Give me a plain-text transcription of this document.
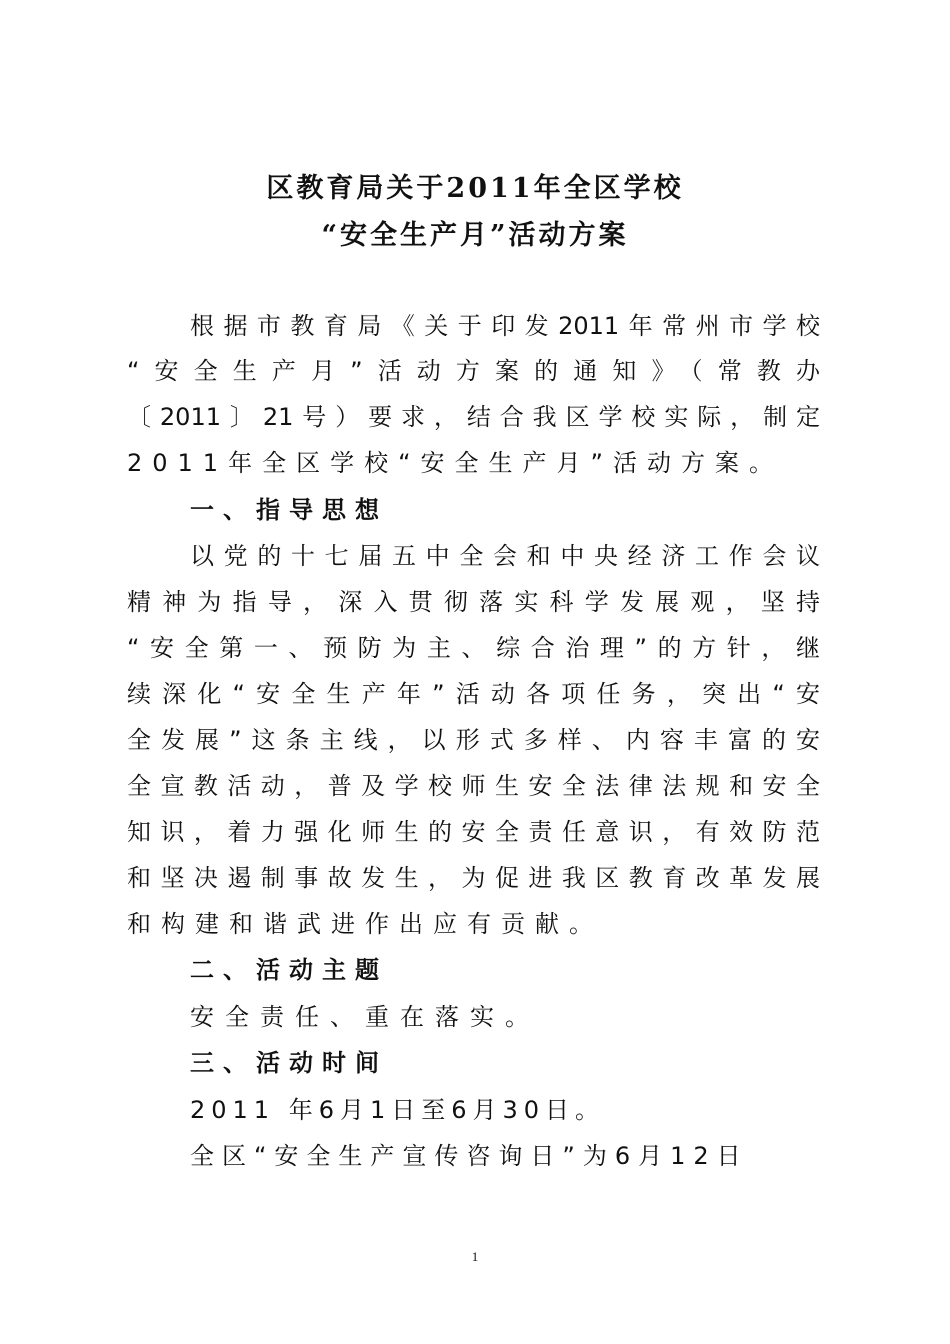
区教育局关于2011年全区学校
“安全生产月”活动方案

根据市教育局《关于印发2011年常州市学校

“安全生产月”活动方案的通知》（常教办

〔2011〕21号）要求，结合我区学校实际，制定

2011年全区学校“安全生产月”活动方案。

一、指导思想

以党的十七届五中全会和中央经济工作会议

精神为指导，深入贯彻落实科学发展观，坚持

“安全第一、预防为主、综合治理”的方针，继

续深化“安全生产年”活动各项任务，突出“安

全发展”这条主线，以形式多样、内容丰富的安

全宣教活动，普及学校师生安全法律法规和安全

知识，着力强化师生的安全责任意识，有效防范

和坚决遏制事故发生，为促进我区教育改革发展

和构建和谐武进作出应有贡献。

二、活动主题

安全责任、重在落实。

三、活动时间

2011 年6月1日至6月30日。

全区“安全生产宣传咨询日”为6月12日

1
